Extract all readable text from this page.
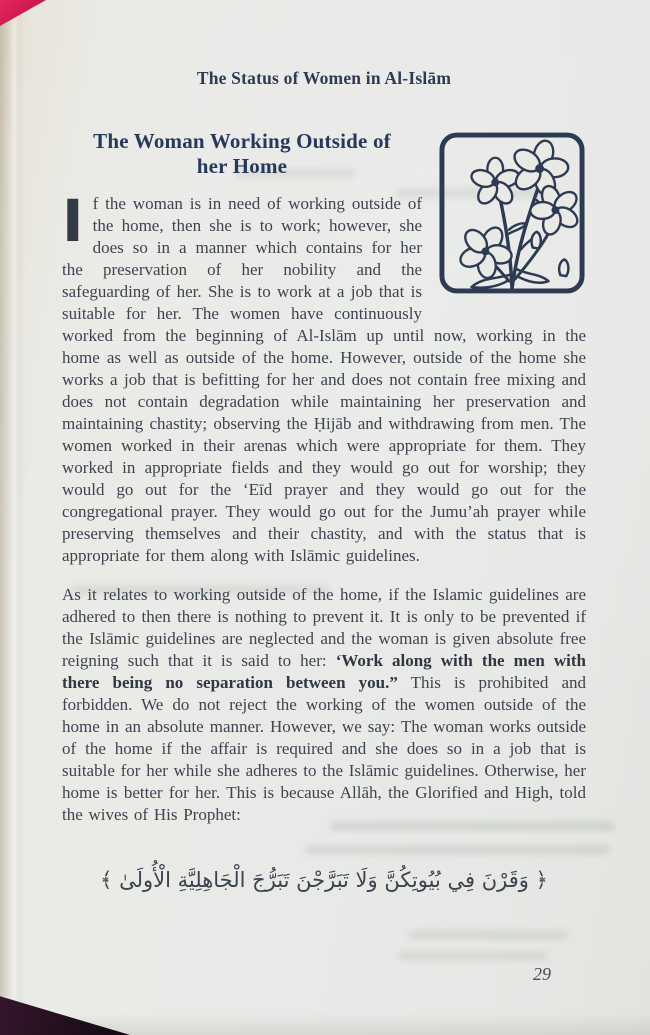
The Status of Women in Al-Islām
The Woman Working Outside of
her Home

If the woman is in need of working outside of the home, then she is to work; however, she does so in a manner which contains for her the preservation of her nobility and the safeguarding of her. She is to work at a job that is suitable for her. The women have continuously worked from the beginning of Al-Islām up until now, working in the home as well as outside of the home. However, outside of the home she works a job that is befitting for her and does not contain free mixing and does not contain degradation while maintaining her preservation and maintaining chastity; observing the Ḥijāb and withdrawing from men. The women worked in their arenas which were appropriate for them. They worked in appropriate fields and they would go out for worship; they would go out for the ‘Eīd prayer and they would go out for the congregational prayer. They would go out for the Jumu’ah prayer while preserving themselves and their chastity, and with the status that is appropriate for them along with Islāmic guidelines.

As it relates to working outside of the home, if the Islamic guidelines are adhered to then there is nothing to prevent it. It is only to be prevented if the Islāmic guidelines are neglected and the woman is given absolute free reigning such that it is said to her: ‘Work along with the men with there being no separation between you.” This is prohibited and forbidden. We do not reject the working of the women outside of the home in an absolute manner. However, we say: The woman works outside of the home if the affair is required and she does so in a job that is suitable for her while she adheres to the Islāmic guidelines. Otherwise, her home is better for her. This is because Allāh, the Glorified and High, told the wives of His Prophet:

﴿ وَقَرْنَ فِي بُيُوتِكُنَّ وَلَا تَبَرَّجْنَ تَبَرُّجَ الْجَاهِلِيَّةِ الْأُولَىٰ ﴾
29
